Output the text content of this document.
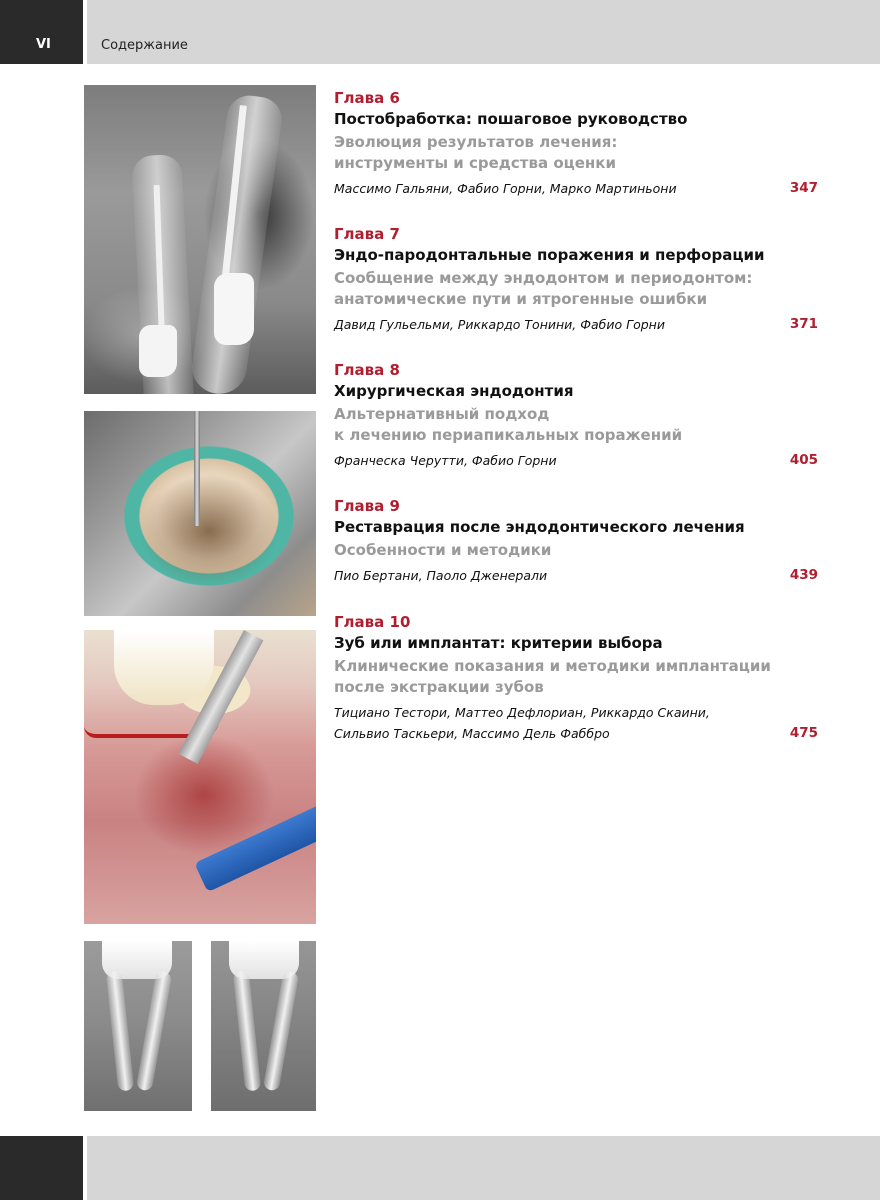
VI	Содержание
Глава 6
Постобработка: пошаговое руководство
Эволюция результатов лечения:
инструменты и средства оценки
Массимо Гальяни, Фабио Горни, Марко Мартиньони	347
Глава 7
Эндо-пародонтальные поражения и перфорации
Сообщение между эндодонтом и периодонтом:
анатомические пути и ятрогенные ошибки
Давид Гульельми, Риккардо Тонини, Фабио Горни	371
Глава 8
Хирургическая эндодонтия
Альтернативный подход
к лечению периапикальных поражений
Франческа Черутти, Фабио Горни	405
Глава 9
Реставрация после эндодонтического лечения
Особенности и методики
Пио Бертани, Паоло Дженерали	439
Глава 10
Зуб или имплантат: критерии выбора
Клинические показания и методики имплантации
после экстракции зубов
Тициано Тестори, Маттео Дефлориан, Риккардо Скаини,
Сильвио Таскьери, Массимо Дель Фаббро	475
